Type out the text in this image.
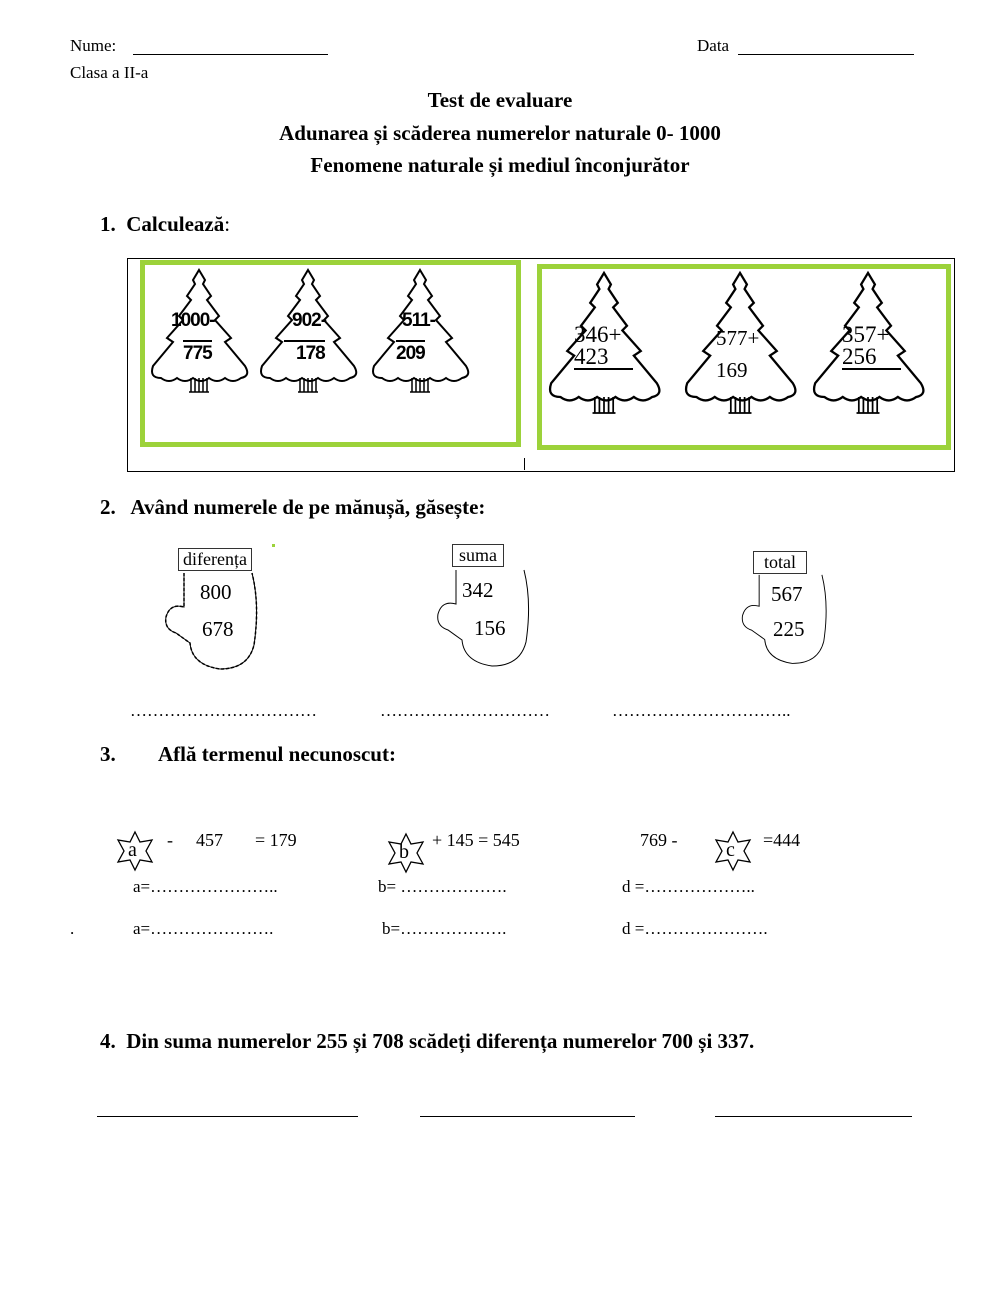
Nume:	Data
Clasa a II-a
Test de evaluare
Adunarea și scăderea numerelor naturale 0- 1000
Fenomene naturale și mediul înconjurător
1. Calculează:
1000-
775
902-
178
511-
209
346+
423
577+
169
357+
256
2. Având numerele de pe mănușă, găsește:
diferența
800
678
suma
342
156
total
567
225
……………………………	…………………………	…………………………..
3. Află termenul necunoscut:
a - 457 = 179
b
+ 145 = 545	769 - c =444
a=…………………..	b= ……………….	d =………………..
.	a=………………….	b=……………….	d =………………….
4. Din suma numerelor 255 și 708 scădeți diferența numerelor 700 și 337.
